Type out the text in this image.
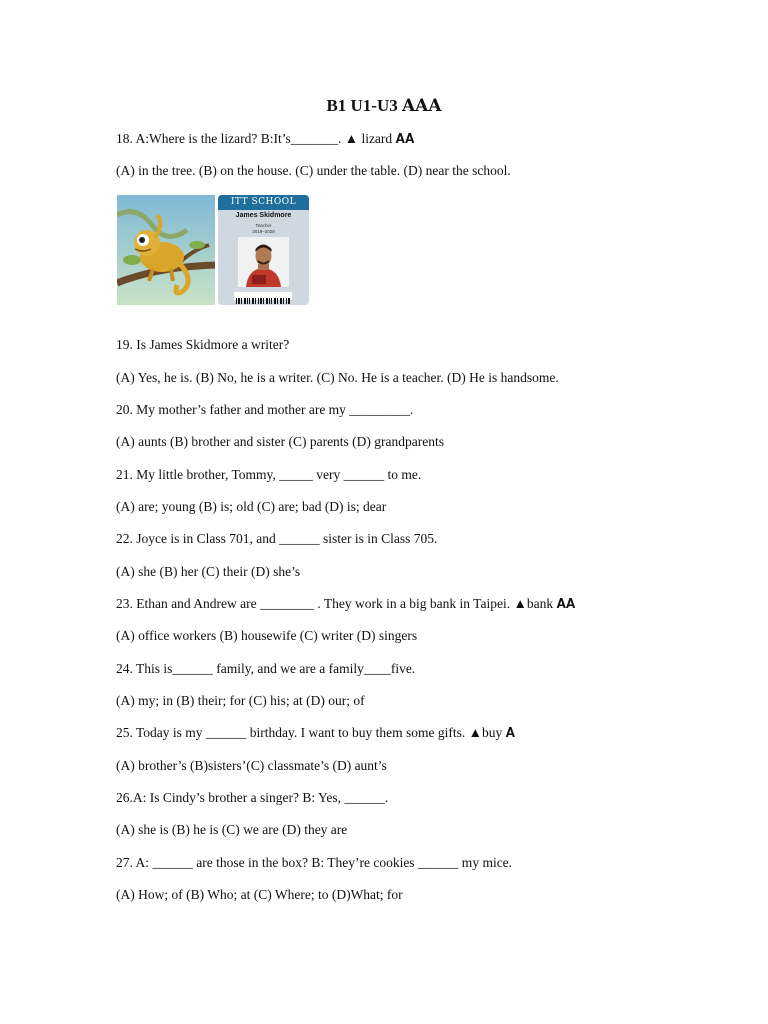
B1 U1-U3 𝐀𝐀𝐀
18. A:Where is the lizard? B:It’s_______. ▲ lizard 𝐀𝐀
(A) in the tree. (B) on the house. (C) under the table. (D) near the school.
ITT SCHOOL
James Skidmore
Teacher
2019–2028
19. Is James Skidmore a writer?
(A) Yes, he is. (B) No, he is a writer. (C) No. He is a teacher. (D) He is handsome.
20. My mother’s father and mother are my _________.
(A) aunts (B) brother and sister (C) parents (D) grandparents
21. My little brother, Tommy, _____ very ______ to me.
(A) are; young (B) is; old (C) are; bad (D) is; dear
22. Joyce is in Class 701, and ______ sister is in Class 705.
(A) she (B) her (C) their (D) she’s
23. Ethan and Andrew are ________ . They work in a big bank in Taipei. ▲bank 𝐀𝐀
(A) office workers (B) housewife (C) writer (D) singers
24. This is______ family, and we are a family____five.
(A) my; in (B) their; for (C) his; at (D) our; of
25. Today is my ______ birthday. I want to buy them some gifts. ▲buy 𝐀
(A) brother’s (B)sisters’(C) classmate’s (D) aunt’s
26.A: Is Cindy’s brother a singer? B: Yes, ______.
(A) she is (B) he is (C) we are (D) they are
27. A: ______ are those in the box? B: They’re cookies ______ my mice.
(A) How; of (B) Who; at (C) Where; to (D)What; for
